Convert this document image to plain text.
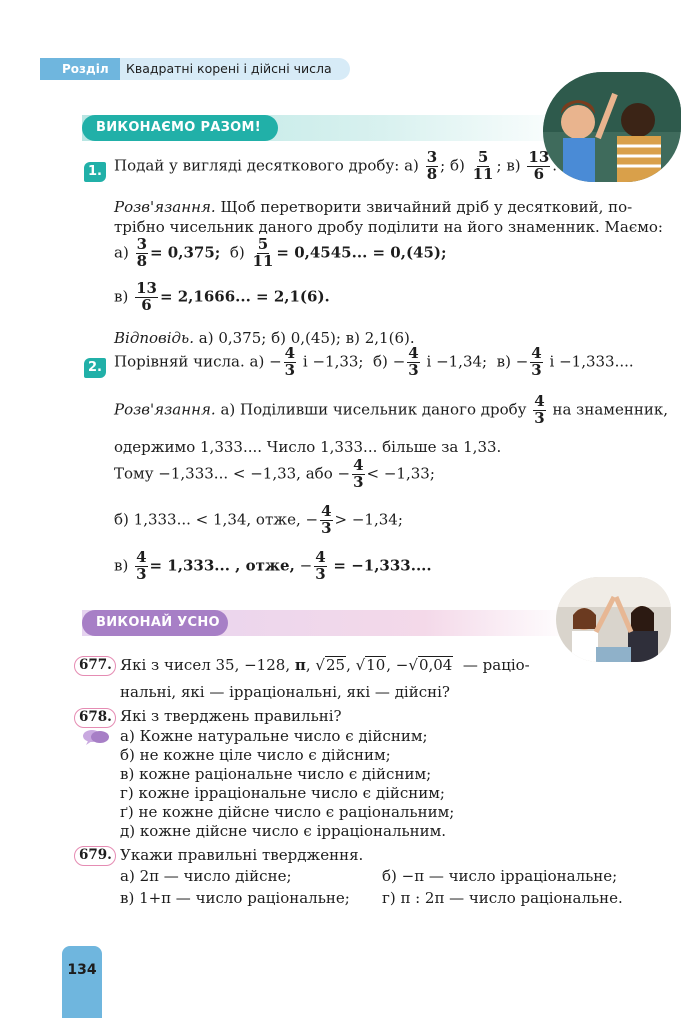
Розділ 2
Квадратні корені і дійсні числа
ВИКОНАЄМО РАЗОМ!
1. Подай у вигляді десяткового дробу: $а) \frac{3}{8}$ ; $б) \frac{5}{11}$ ; $в) \frac{13}{6}$ .
Розв'язання. Щоб перетворити звичайний дріб у десятковий, по-
трібно чисельник даного дробу поділити на його знаменник. Маємо:
$а) \frac{3}{8} = 0,375$; $б) \frac{5}{11} = 0,4545$... = 0,(45);
$в) \frac{13}{6} = 2,1666$... = 2,1(6).
Відповідь. а) 0,375; б) 0,(45); в) 2,1(6).
2. Порівняй числа. $а) - \frac{4}{3}$ і −1,33; $б) - \frac{4}{3}$ і −1,34; $в) - \frac{4}{3}$ і −1,333....
Розв'язання. а) Поділивши чисельник даного дробу $\frac{4}{3}$ на знаменник,
одержимо 1,333.... Число 1,333... більше за 1,33.
Тому −1,333... < −1,33, або − $\frac{4}{3} < -1,33$;
б) 1,333... < 1,34, отже, − $\frac{4}{3} > -1,34$;
$в) \frac{4}{3} = 1,333$... , отже, − $\frac{4}{3} = -1,333$....
ВИКОНАЙ УСНО
677. Які з чисел 35, −128, π, √25, √10, −√0,04 — раціо-
нальні, які — ірраціональні, які — дійсні?
678. Які з тверджень правильні?
а) Кожне натуральне число є дійсним;
б) не кожне ціле число є дійсним;
в) кожне раціональне число є дійсним;
г) кожне ірраціональне число є дійсним;
ґ) не кожне дійсне число є раціональним;
д) кожне дійсне число є ірраціональним.
679. Укажи правильні твердження.
а) 2π — число дійсне;	б) −π — число ірраціональне;
в) 1+π — число раціональне; г) π : 2π — число раціональне.
134
